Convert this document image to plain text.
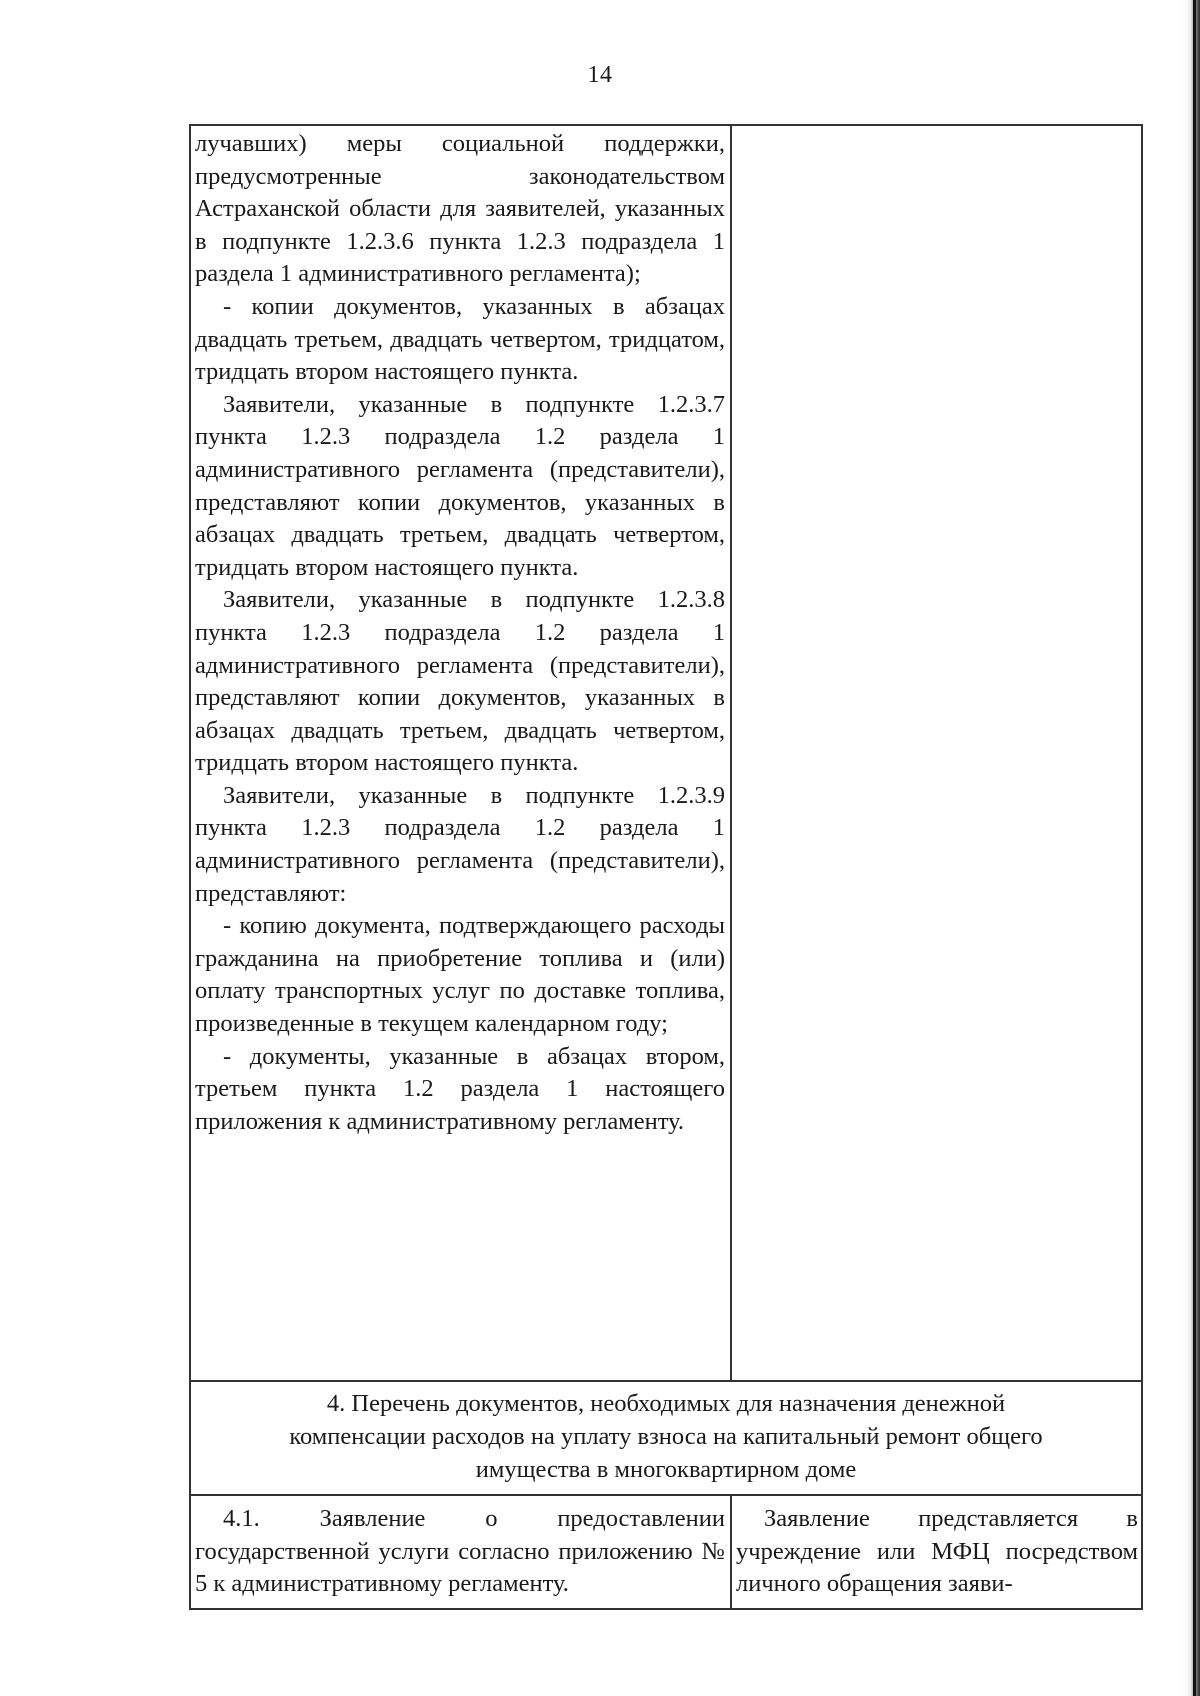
14

лучавших) меры социальной поддержки, предусмотренные законодательством Астраханской области для заявителей, указанных в подпункте 1.2.3.6 пункта 1.2.3 подраздела 1 раздела 1 административного регламента);

- копии документов, указанных в абзацах двадцать третьем, двадцать четвертом, тридцатом, тридцать втором настоящего пункта.

Заявители, указанные в подпункте 1.2.3.7 пункта 1.2.3 подраздела 1.2 раздела 1 административного регламента (представители), представляют копии документов, указанных в абзацах двадцать третьем, двадцать четвертом, тридцать втором настоящего пункта.

Заявители, указанные в подпункте 1.2.3.8 пункта 1.2.3 подраздела 1.2 раздела 1 административного регламента (представители), представляют копии документов, указанных в абзацах двадцать третьем, двадцать четвертом, тридцать втором настоящего пункта.

Заявители, указанные в подпункте 1.2.3.9 пункта 1.2.3 подраздела 1.2 раздела 1 административного регламента (представители), представляют:

- копию документа, подтверждающего расходы гражданина на приобретение топлива и (или) оплату транспортных услуг по доставке топлива, произведенные в текущем календарном году;

- документы, указанные в абзацах втором, третьем пункта 1.2 раздела 1 настоящего приложения к административному регламенту.

4. Перечень документов, необходимых для назначения денежной компенсации расходов на уплату взноса на капитальный ремонт общего имущества в многоквартирном доме

4.1. Заявление о предоставлении государственной услуги согласно приложению № 5 к административному регламенту.

Заявление представляется в учреждение или МФЦ посредством личного обращения заяви-
